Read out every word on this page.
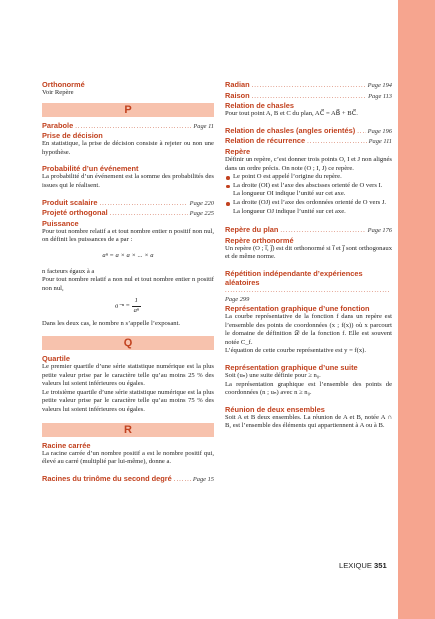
Orthonormé

Voir Repère

P
Parabole .....	Page 11
Prise de décision

En statistique, la prise de décision consiste à rejeter ou non une hypothèse.

Probabilité d’un événement

La probabilité d’un événement est la somme des probabilités des issues qui le réalisent.

Produit scalaire .....	Page 220
Projeté orthogonal .....	Page 225
Puissance

Pour tout nombre relatif a et tout nombre entier n positif non nul, on définit les puissances de a par :

aⁿ = a × a × ... × a

n facteurs égaux à a

Pour tout nombre relatif a non nul et tout nombre entier n positif non nul,

$a^{-n} = \frac{1}{\text{aⁿ}}$

Dans les deux cas, le nombre n s’appelle l’exposant.

Q
Quartile

Le premier quartile d’une série statistique numérique est la plus petite valeur prise par le caractère telle qu’au moins 25 % des valeurs lui soient inférieures ou égales.

Le troisième quartile d’une série statistique numérique est la plus petite valeur prise par le caractère telle qu’au moins 75 % des valeurs lui soient inférieures ou égales.

R
Racine carrée

La racine carrée d’un nombre positif a est le nombre positif qui, élevé au carré (multiplié par lui-même), donne a.

Racines du trinôme du second degré .....	Page 15
Radian .....	Page 194
Raison .....	Page 113
Relation de chasles

Pour tout point A, B et C du plan, AC⃗ = AB⃗ + BC⃗.

Relation de chasles (angles orientés) ..... Page 196
Relation de récurrence .....	Page 111
Repère

Définir un repère, c’est donner trois points O, I et J non alignés dans un ordre précis. On note (O ; I, J) ce repère.

Le point O est appelé l’origine du repère.
La droite (OI) est l’axe des abscisses orienté de O vers I.
La longueur OI indique l’unité sur cet axe.
La droite (OJ) est l’axe des ordonnées orienté de O vers J.
La longueur OJ indique l’unité sur cet axe.
Repère du plan .....	Page 176
Repère orthonormé

Un repère (O ; i⃗, j⃗) est dit orthonormé si i⃗ et j⃗ sont orthogonaux et de même norme.

Répétition indépendante d’expériences aléatoires
.....
Page 299
Représentation graphique d’une fonction

La courbe représentative de la fonction f dans un repère est l’ensemble des points de coordonnées (x ; f(x)) où x parcourt le domaine de définition 𝒟 de la fonction f. Elle est souvent notée C_f.

L’équation de cette courbe représentative est y = f(x).

Représentation graphique d’une suite

Soit (uₙ) une suite définie pour ≥ n₀.

La représentation graphique est l’ensemble des points de coordonnées (n ; uₙ) avec n ≥ n₀.

Réunion de deux ensembles

Soit A et B deux ensembles. La réunion de A et B, notée A ∩ B, est l’ensemble des éléments qui appartiennent à A ou à B.

LEXIQUE 351
